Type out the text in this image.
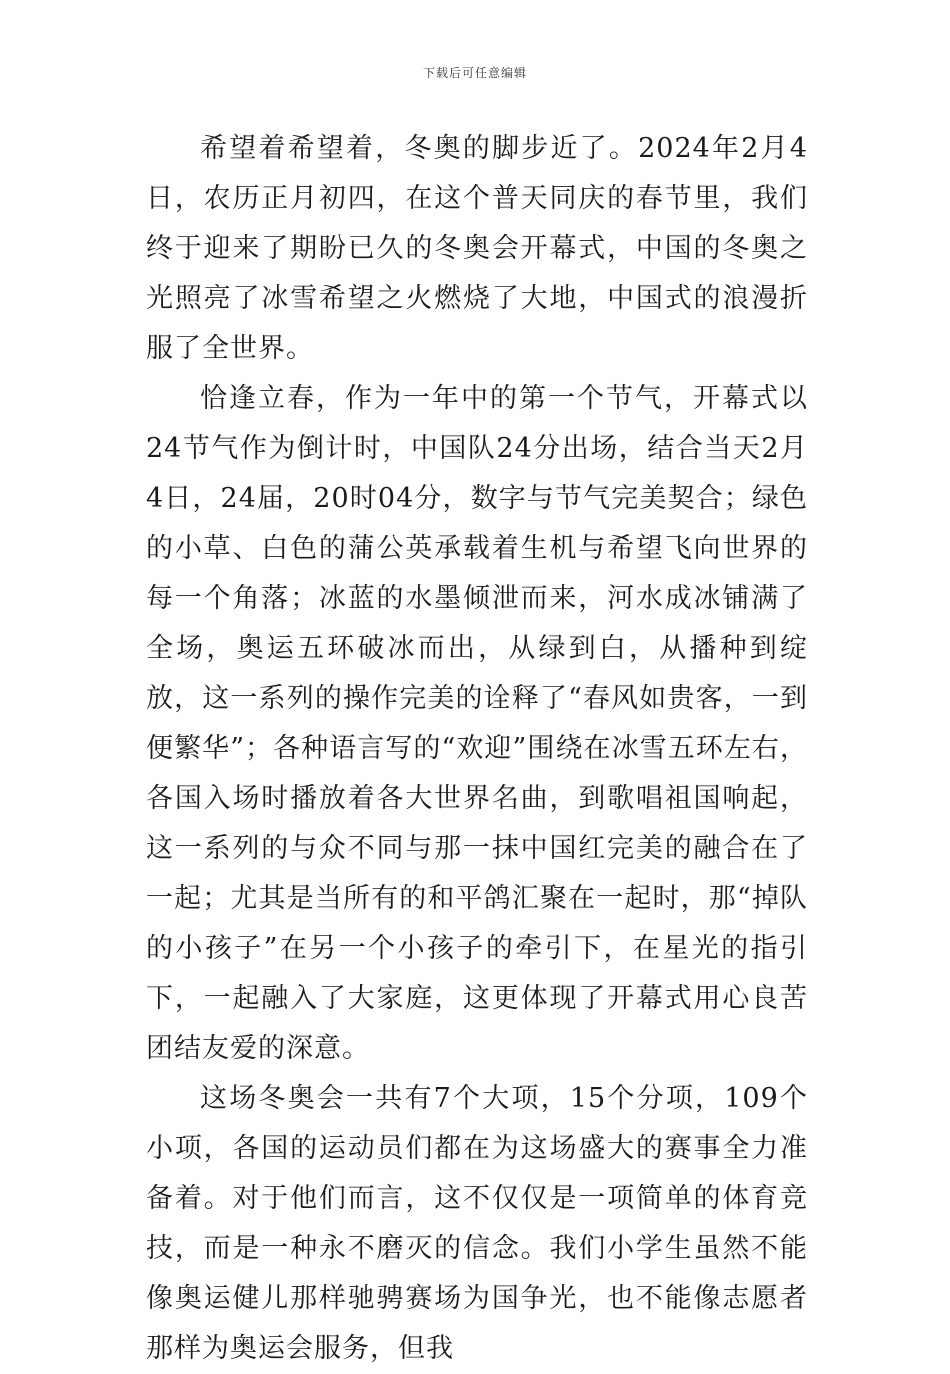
下载后可任意编辑

希望着希望着，冬奥的脚步近了。2024年2月4日，农历正月初四，在这个普天同庆的春节里，我们终于迎来了期盼已久的冬奥会开幕式，中国的冬奥之光照亮了冰雪希望之火燃烧了大地，中国式的浪漫折服了全世界。

恰逢立春，作为一年中的第一个节气，开幕式以24节气作为倒计时，中国队24分出场，结合当天2月4日，24届，20时04分，数字与节气完美契合；绿色的小草、白色的蒲公英承载着生机与希望飞向世界的每一个角落；冰蓝的水墨倾泄而来，河水成冰铺满了全场，奥运五环破冰而出，从绿到白，从播种到绽放，这一系列的操作完美的诠释了“春风如贵客，一到便繁华”；各种语言写的“欢迎”围绕在冰雪五环左右，各国入场时播放着各大世界名曲，到歌唱祖国响起，这一系列的与众不同与那一抹中国红完美的融合在了一起；尤其是当所有的和平鸽汇聚在一起时，那“掉队的小孩子”在另一个小孩子的牵引下，在星光的指引下，一起融入了大家庭，这更体现了开幕式用心良苦团结友爱的深意。

这场冬奥会一共有7个大项，15个分项，109个小项，各国的运动员们都在为这场盛大的赛事全力准备着。对于他们而言，这不仅仅是一项简单的体育竞技，而是一种永不磨灭的信念。我们小学生虽然不能像奥运健儿那样驰骋赛场为国争光，也不能像志愿者那样为奥运会服务，但我
